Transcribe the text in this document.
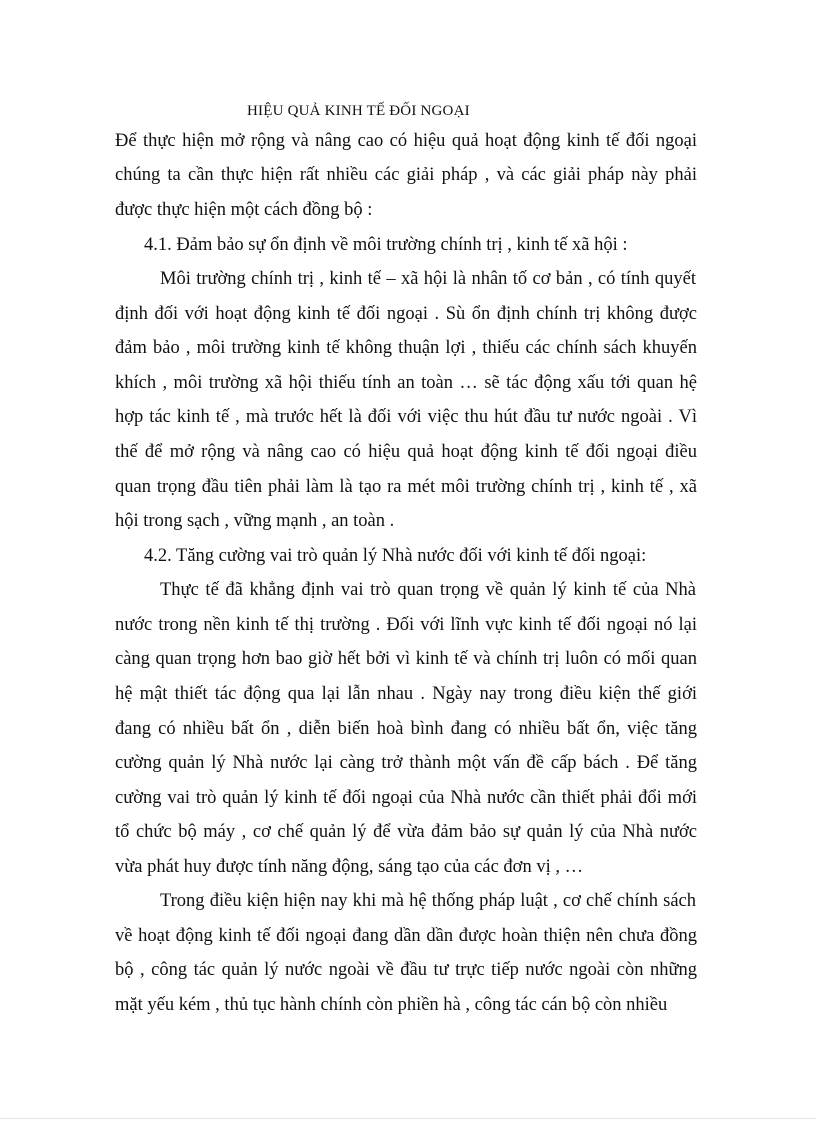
HIỆU QUẢ KINH TẾ ĐỐI NGOẠI
Để thực hiện mở rộng và nâng cao có hiệu quả hoạt động kinh tế đối ngoại
chúng ta cần thực hiện rất nhiều các giải pháp , và các giải pháp này phải
được thực hiện một cách đồng bộ :
4.1. Đảm bảo sự ổn định về môi trường chính trị , kinh tế xã hội :
Môi trường chính trị , kinh tế – xã hội là nhân tố cơ bản , có tính quyết
định đối với hoạt động kinh tế đối ngoại . Sù ổn định chính trị không được
đảm bảo , môi trường kinh tế không thuận lợi , thiếu các chính sách khuyến
khích , môi trường xã hội thiếu tính an toàn … sẽ tác động xấu tới quan hệ
hợp tác kinh tế , mà trước hết là đối với việc thu hút đầu tư nước ngoài . Vì
thế để mở rộng và nâng cao có hiệu quả hoạt động kinh tế đối ngoại điều
quan trọng đầu tiên phải làm là tạo ra mét môi trường chính trị , kinh tế , xã
hội trong sạch , vững mạnh , an toàn .
4.2. Tăng cường vai trò quản lý Nhà nước đối với kinh tế đối ngoại:
Thực tế đã khẳng định vai trò quan trọng về quản lý kinh tế của Nhà
nước trong nền kinh tế thị trường . Đối với lĩnh vực kinh tế đối ngoại nó lại
càng quan trọng hơn bao giờ hết bởi vì kinh tế và chính trị luôn có mối quan
hệ mật thiết tác động qua lại lẫn nhau . Ngày nay trong điều kiện thế giới
đang có nhiều bất ổn , diễn biến hoà bình đang có nhiều bất ổn, việc tăng
cường quản lý Nhà nước lại càng trở thành một vấn đề cấp bách . Để tăng
cường vai trò quản lý kinh tế đối ngoại của Nhà nước cần thiết phải đổi mới
tổ chức bộ máy , cơ chế quản lý để vừa đảm bảo sự quản lý của Nhà nước
vừa phát huy được tính năng động, sáng tạo của các đơn vị , …
Trong điều kiện hiện nay khi mà hệ thống pháp luật , cơ chế chính sách
về hoạt động kinh tế đối ngoại đang dần dần được hoàn thiện nên chưa đồng
bộ , công tác quản lý nước ngoài về đầu tư trực tiếp nước ngoài còn những
mặt yếu kém , thủ tục hành chính còn phiền hà , công tác cán bộ còn nhiều
